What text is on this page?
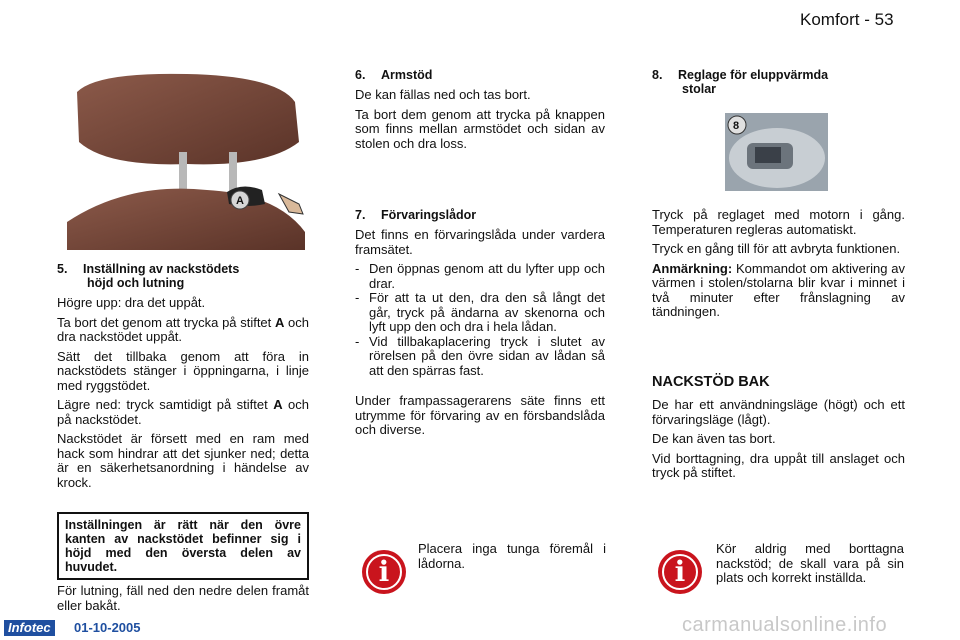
Komfort - 53
A
5. Inställning av nackstödets
höjd och lutning

Högre upp: dra det uppåt.

Ta bort det genom att trycka på stiftet A och dra nackstödet uppåt.

Sätt det tillbaka genom att föra in nackstödets stänger i öppningarna, i linje med ryggstödet.

Lägre ned: tryck samtidigt på stiftet A och på nackstödet.

Nackstödet är försett med en ram med hack som hindrar att det sjunker ned; detta är en säkerhetsanordning i händelse av krock.

Inställningen är rätt när den övre kanten av nackstödet befinner sig i höjd med den översta delen av huvudet.
För lutning, fäll ned den nedre delen framåt eller bakåt.
6. Armstöd

De kan fällas ned och tas bort.

Ta bort dem genom att trycka på knappen som finns mellan armstödet och sidan av stolen och dra loss.

7. Förvaringslådor

Det finns en förvaringslåda under vardera framsätet.

- Den öppnas genom att du lyfter upp och drar.
- För att ta ut den, dra den så långt det går, tryck på ändarna av skenorna och lyft upp den och dra i hela lådan.
- Vid tillbakaplacering tryck i slutet av rörelsen på den övre sidan av lådan så att den spärras fast.

Under frampassagerarens säte finns ett utrymme för förvaring av en försbandslåda och diverse.

i
Placera inga tunga föremål i lådorna.
8. Reglage för eluppvärmda
stolar
8

Tryck på reglaget med motorn i gång. Temperaturen regleras automatiskt.

Tryck en gång till för att avbryta funktionen.

Anmärkning: Kommandot om aktivering av värmen i stolen/stolarna blir kvar i minnet i två minuter efter frånslagning av tändningen.

NACKSTÖD BAK

De har ett användningsläge (högt) och ett förvaringsläge (lågt).

De kan även tas bort.

Vid borttagning, dra uppåt till anslaget och tryck på stiftet.

i
Kör aldrig med borttagna nackstöd; de skall vara på sin plats och korrekt inställda.
Infotec	01-10-2005	carmanualsonline.info
